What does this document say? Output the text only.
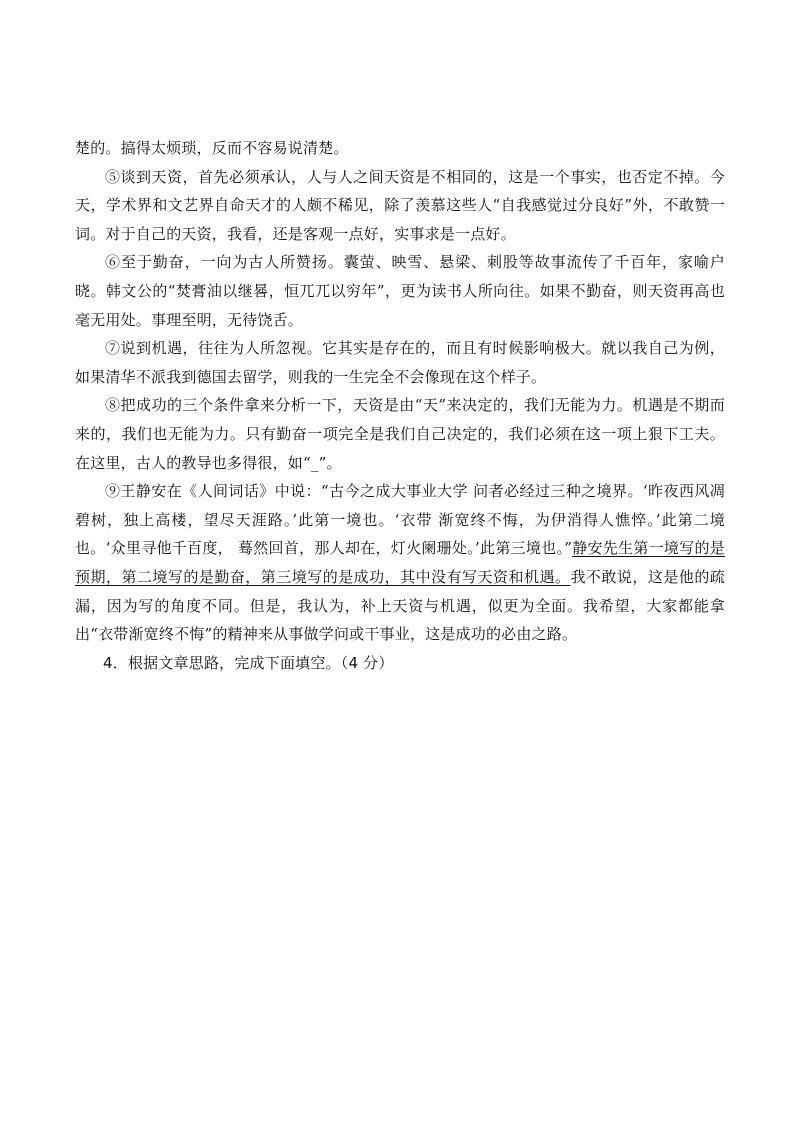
楚的。搞得太烦琐，反而不容易说清楚。

⑤谈到天资，首先必须承认，人与人之间天资是不相同的，这是一个事实，也否定不掉。今天，学术界和文艺界自命天才的人颇不稀见，除了羡慕这些人“自我感觉过分良好”外，不敢赞一词。对于自己的天资，我看，还是客观一点好，实事求是一点好。

⑥至于勤奋，一向为古人所赞扬。囊萤、映雪、悬梁、刺股等故事流传了千百年，家喻户晓。韩文公的“焚膏油以继晷，恒兀兀以穷年”，更为读书人所向往。如果不勤奋，则天资再高也毫无用处。事理至明，无待饶舌。

⑦说到机遇，往往为人所忽视。它其实是存在的，而且有时候影响极大。就以我自己为例，如果清华不派我到德国去留学，则我的一生完全不会像现在这个样子。

⑧把成功的三个条件拿来分析一下，天资是由“天”来决定的，我们无能为力。机遇是不期而来的，我们也无能为力。只有勤奋一项完全是我们自己决定的，我们必须在这一项上狠下工夫。在这里，古人的教导也多得很，如“_”。

⑨王静安在《人间词话》中说：“古今之成大事业大学 问者必经过三种之境界。‘昨夜西风凋碧树，独上高楼，望尽天涯路。’此第一境也。‘衣带 渐宽终不悔，为伊消得人憔悴。’此第二境也。‘众里寻他千百度， 蓦然回首，那人却在，灯火阑珊处。’此第三境也。”静安先生第一境写的是预期，第二境写的是勤奋，第三境写的是成功，其中没有写天资和机遇。我不敢说，这是他的疏漏，因为写的角度不同。但是，我认为，补上天资与机遇，似更为全面。我希望，大家都能拿出“衣带渐宽终不悔”的精神来从事做学问或干事业，这是成功的必由之路。

4．根据文章思路，完成下面填空。（4 分）
